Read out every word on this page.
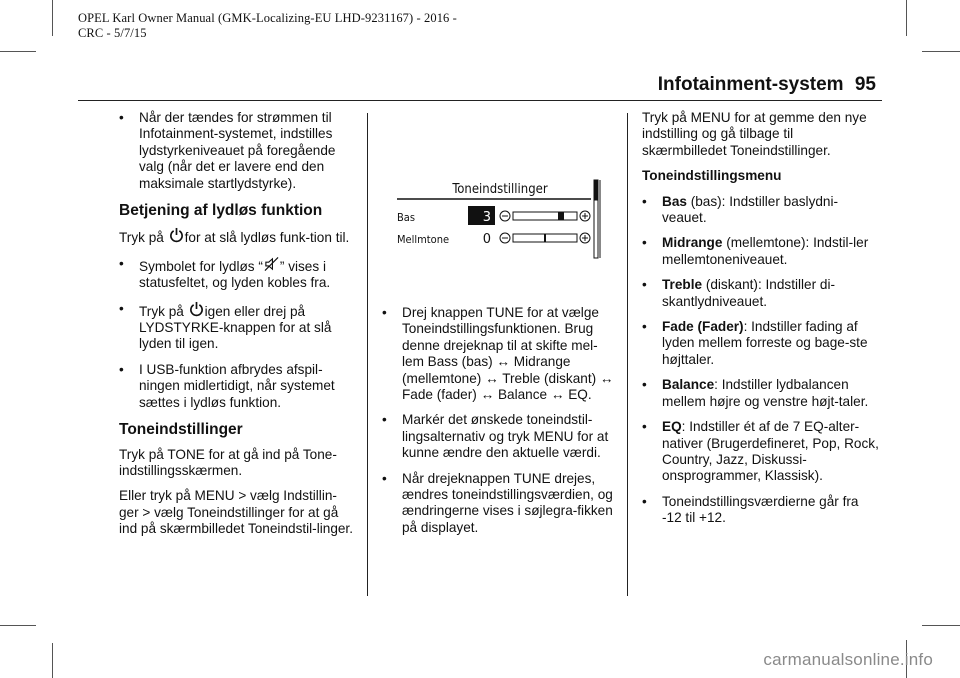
OPEL Karl Owner Manual (GMK-Localizing-EU LHD-9231167) - 2016 -
CRC - 5/7/15
Infotainment-system 95
•	Når der tændes for strømmen til Infotainment-systemet, indstilles lydstyrkeniveauet på foregående valg (når det er lavere end den maksimale startlydstyrke).
Betjening af lydløs funktion

Tryk på for at slå lydløs funk-tion til.

•	Symbolet for lydløs “ ” vises i statusfeltet, og lyden kobles fra.
•	Tryk på igen eller drej på LYDSTYRKE-knappen for at slå lyden til igen.
•	I USB-funktion afbrydes afspil-ningen midlertidigt, når systemet sættes i lydløs funktion.
Toneindstillinger

Tryk på TONE for at gå ind på Tone-indstillingsskærmen.

Eller tryk på MENU > vælg Indstillin-ger > vælg Toneindstillinger for at gå ind på skærmbilledet Toneindstil-linger.

Toneindstillinger
Bas	3
Mellmtone	0
•	Drej knappen TUNE for at vælge Toneindstillingsfunktionen. Brug denne drejeknap til at skifte mel-lem Bass (bas) ↔ Midrange (mellemtone) ↔ Treble (diskant) ↔ Fade (fader) ↔ Balance ↔ EQ.
•	Markér det ønskede toneindstil-lingsalternativ og tryk MENU for at kunne ændre den aktuelle værdi.
•	Når drejeknappen TUNE drejes, ændres toneindstillingsværdien, og ændringerne vises i søjlegra-fikken på displayet.

Tryk på MENU for at gemme den nye indstilling og gå tilbage til skærmbilledet Toneindstillinger.

Toneindstillingsmenu

•	Bas (bas): Indstiller baslydni-veauet.
•	Midrange (mellemtone): Indstil-ler mellemtoneniveauet.
•	Treble (diskant): Indstiller di-skantlydniveauet.
•	Fade (Fader): Indstiller fading af lyden mellem forreste og bage-ste højttaler.
•	Balance: Indstiller lydbalancen mellem højre og venstre højt-taler.
•	EQ: Indstiller ét af de 7 EQ-alter-nativer (Brugerdefineret, Pop, Rock, Country, Jazz, Diskussi-onsprogrammer, Klassisk).
•	Toneindstillingsværdierne går fra -12 til +12.
carmanualsonline.info
